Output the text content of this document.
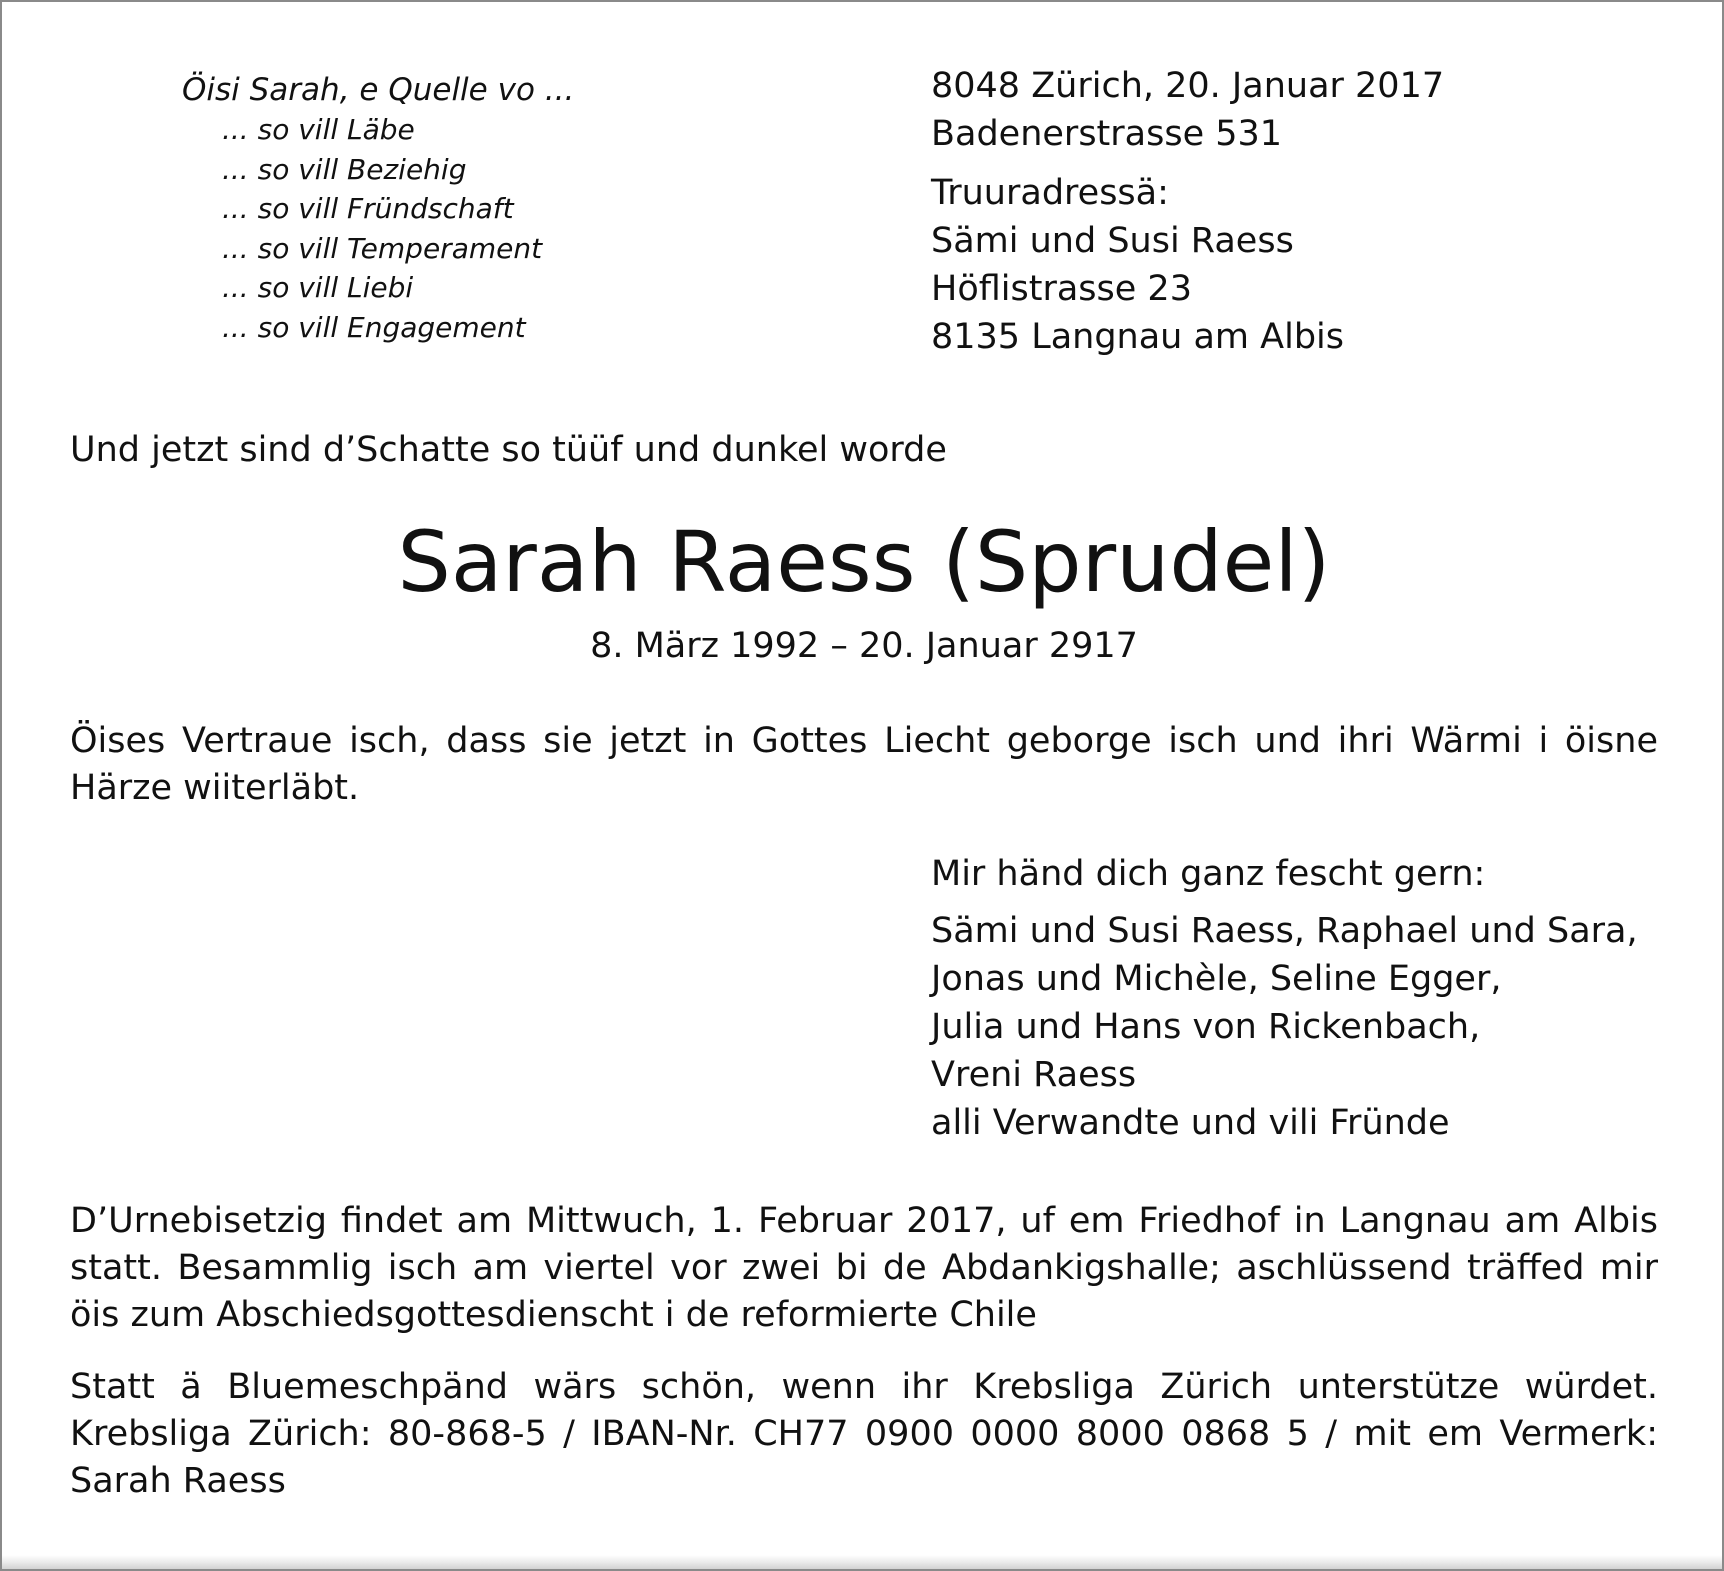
Öisi Sarah, e Quelle vo ...
... so vill Läbe
... so vill Beziehig
... so vill Fründschaft
... so vill Temperament
... so vill Liebi
... so vill Engagement
8048 Zürich, 20. Januar 2017
Badenerstrasse 531
Truuradressä:
Sämi und Susi Raess
Höflistrasse 23
8135 Langnau am Albis
Und jetzt sind d’Schatte so tüüf und dunkel worde
Sarah Raess (Sprudel)
8. März 1992 – 20. Januar 2917
Öises Vertraue isch, dass sie jetzt in Gottes Liecht geborge isch und ihri Wärmi i öisne Härze wiiterläbt.
Mir händ dich ganz fescht gern:
Sämi und Susi Raess, Raphael und Sara,
Jonas und Michèle, Seline Egger,
Julia und Hans von Rickenbach,
Vreni Raess
alli Verwandte und vili Fründe
D’Urnebisetzig findet am Mittwuch, 1. Februar 2017, uf em Friedhof in Langnau am Albis statt. Besammlig isch am viertel vor zwei bi de Abdankigshalle; aschlüssend träffed mir öis zum Abschiedsgottesdienscht i de reformierte Chile
Statt ä Bluemeschpänd wärs schön, wenn ihr Krebsliga Zürich unterstütze würdet. Krebsliga Zürich: 80-868-5 / IBAN-Nr. CH77 0900 0000 8000 0868 5 / mit em Vermerk: Sarah Raess
